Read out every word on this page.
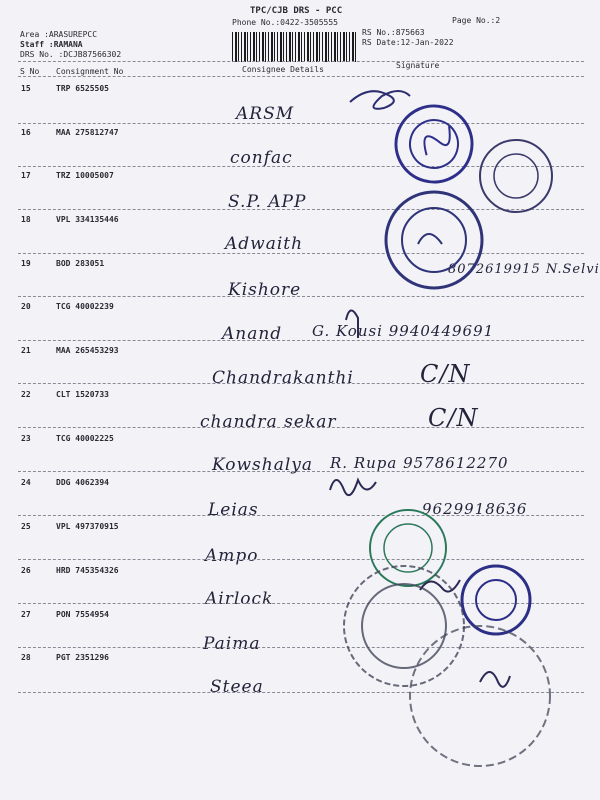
TPC/CJB DRS - PCC
Phone No.:0422-3505555	Page No.:2
RS No.:875663
RS Date:12-Jan-2022
Area :ARASUREPCC
Staff :RAMANA
DRS No. :DCJB87566302
S No Consignment No	Consignee Details	Signature
15	TRP 6525505
ARSM
16	MAA 275812747
confac
17	TRZ 10005007
S.P. APP
18	VPL 334135446
Adwaith
19	BOD 283051
Kishore
8072619915 N.Selvi
20	TCG 40002239
Anand G. Kousi 9940449691
21	MAA 265453293
Chandrakanthi	C/N
22	CLT 1520733
chandra sekar	C/N
23	TCG 40002225
Kowshalya R. Rupa 9578612270
24	DDG 4062394
Leias	9629918636
25	VPL 497370915
Ampo
26	HRD 745354326
Airlock
27	PON 7554954
Paima
28	PGT 2351296
Steea
